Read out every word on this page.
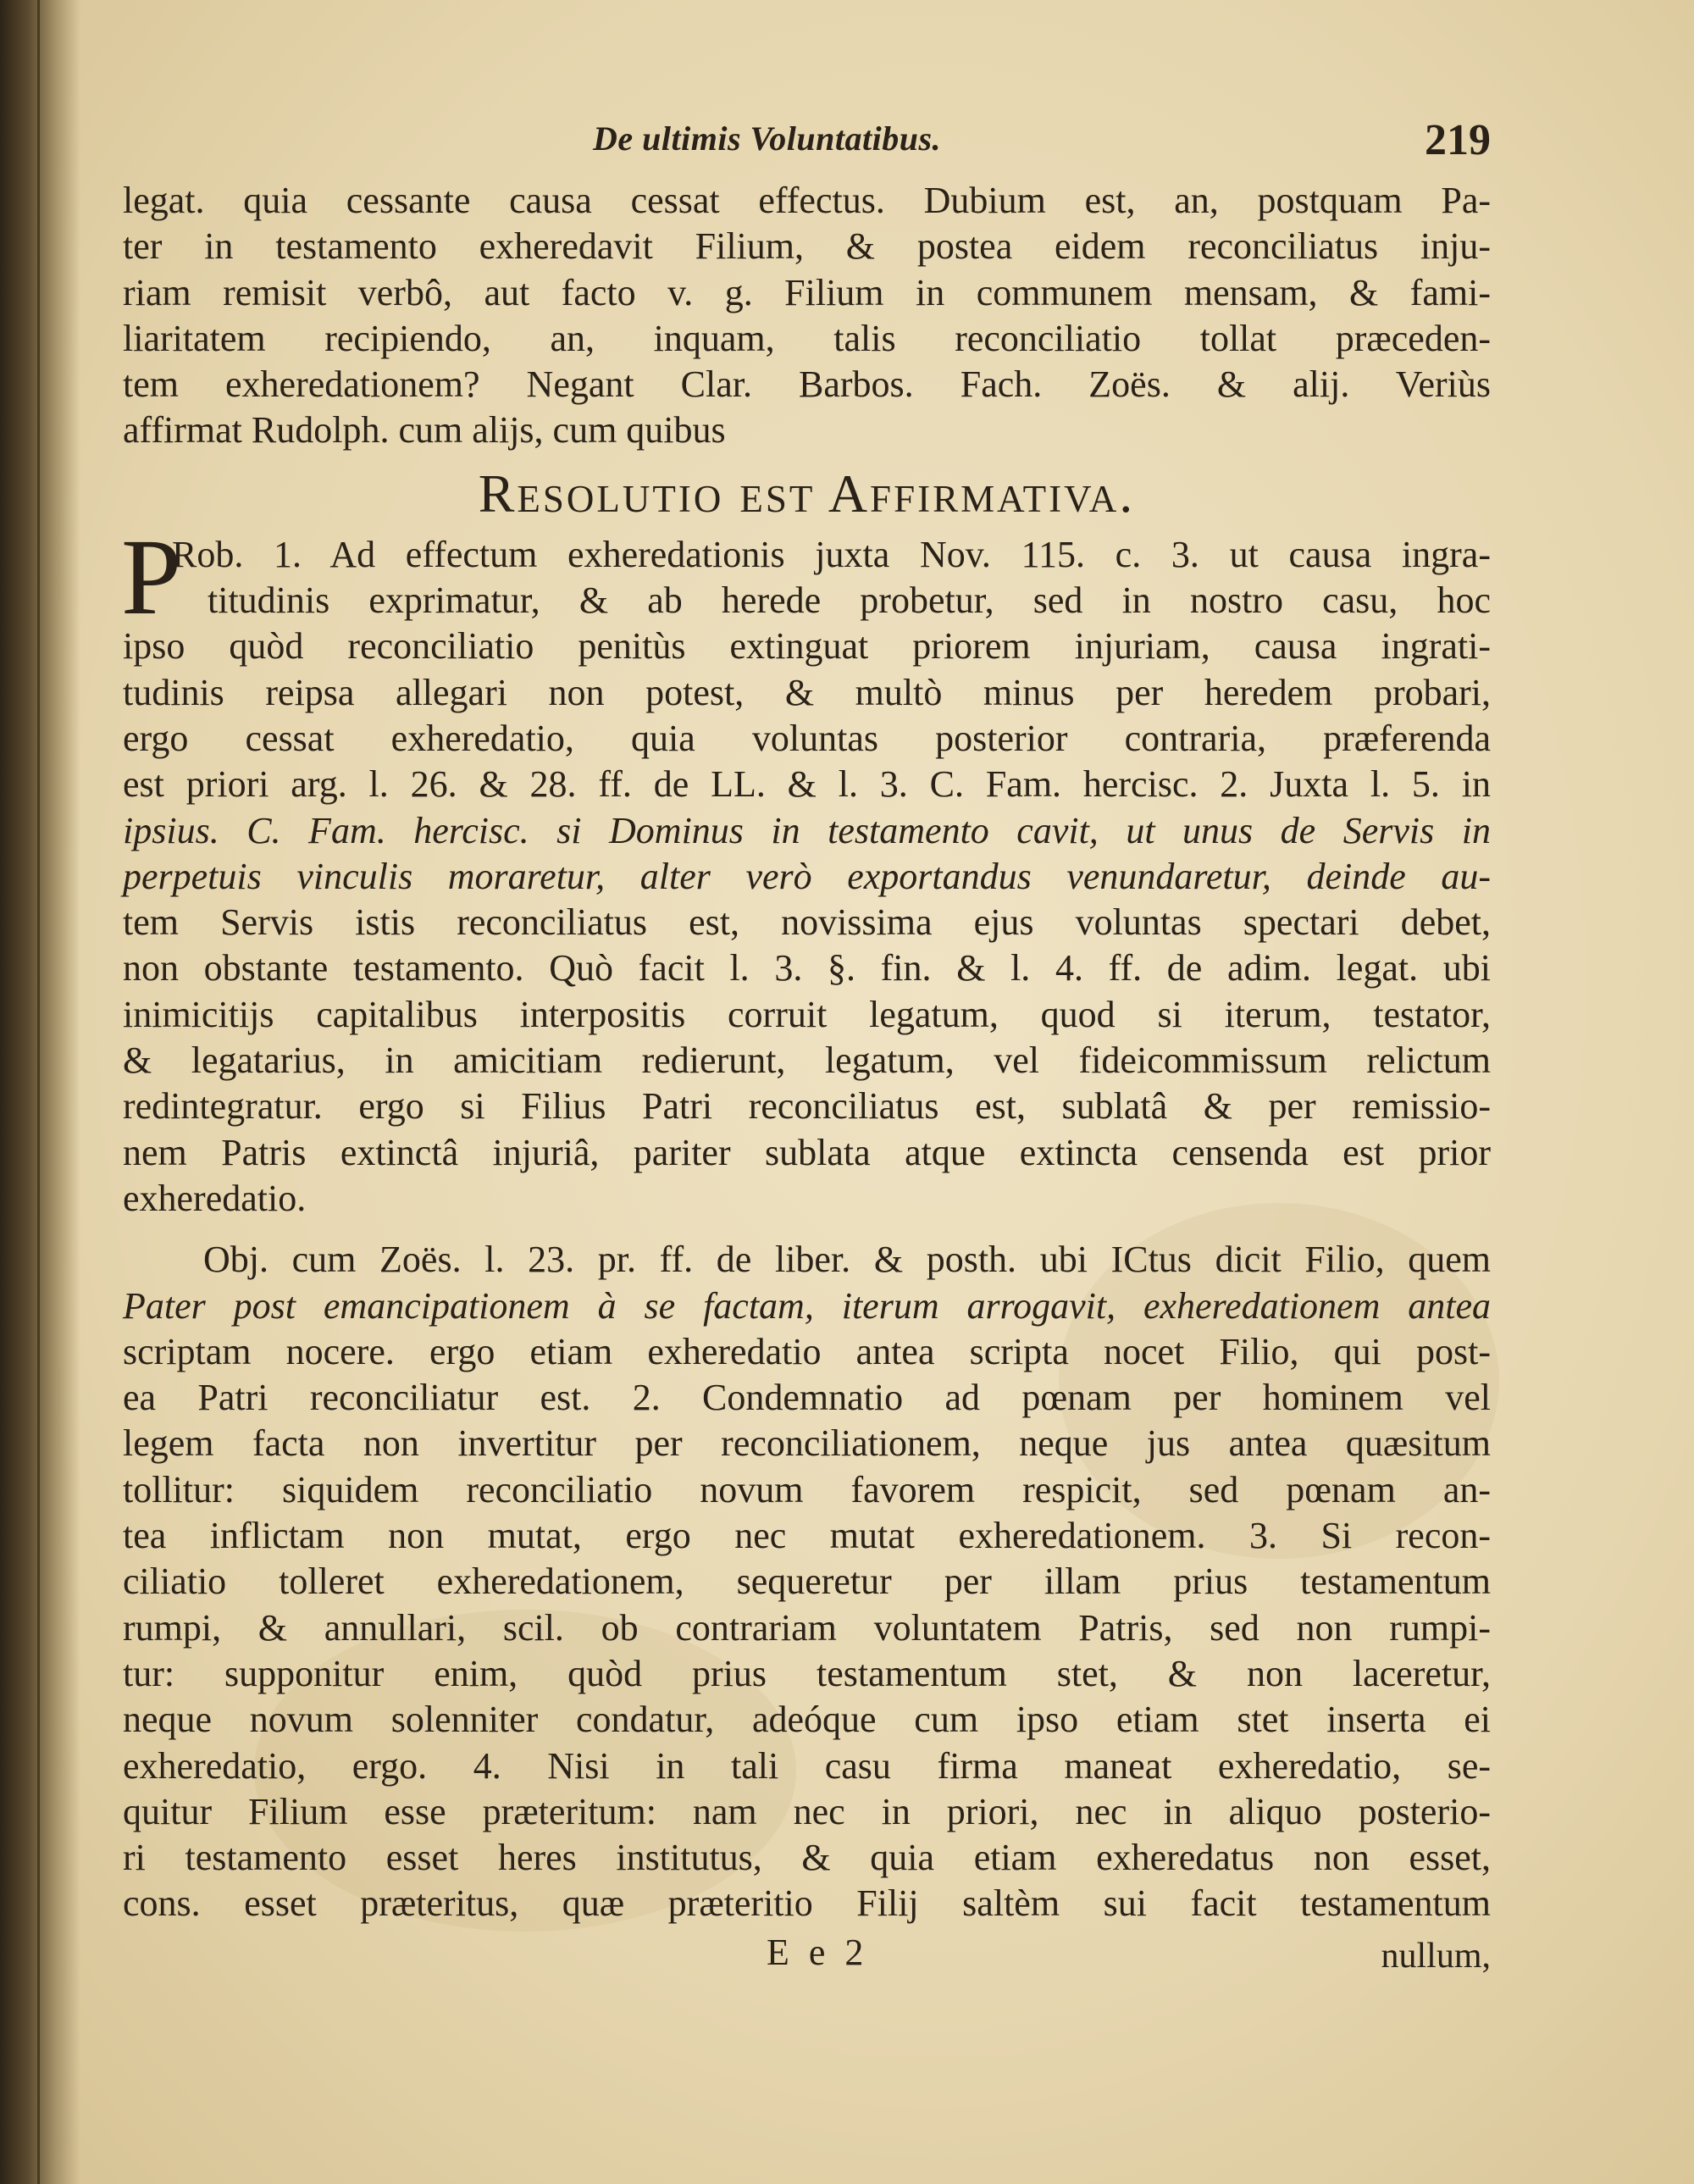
De ultimis Voluntatibus.	219
legat. quia cessante causa cessat effectus. Dubium est, an, postquam Pa-
ter in testamento exheredavit Filium, & postea eidem reconciliatus inju-
riam remisit verbô, aut facto v. g. Filium in communem mensam, & fami-
liaritatem recipiendo, an, inquam, talis reconciliatio tollat præceden-
tem exheredationem? Negant Clar. Barbos. Fach. Zoës. & alij. Veriùs
affirmat Rudolph. cum alijs, cum quibus
Resolutio est Affirmativa.
P
Rob. 1. Ad effectum exheredationis juxta Nov. 115. c. 3. ut causa ingra-
titudinis exprimatur, & ab herede probetur, sed in nostro casu, hoc
ipso quòd reconciliatio penitùs extinguat priorem injuriam, causa ingrati-
tudinis reipsa allegari non potest, & multò minus per heredem probari,
ergo cessat exheredatio, quia voluntas posterior contraria, præferenda
est priori arg. l. 26. & 28. ff. de LL. & l. 3. C. Fam. hercisc. 2. Juxta l. 5. in
ipsius. C. Fam. hercisc. si Dominus in testamento cavit, ut unus de Servis in
perpetuis vinculis moraretur, alter verò exportandus venundaretur, deinde au-
tem Servis istis reconciliatus est, novissima ejus voluntas spectari debet,
non obstante testamento. Quò facit l. 3. §. fin. & l. 4. ff. de adim. legat. ubi
inimicitijs capitalibus interpositis corruit legatum, quod si iterum, testator,
& legatarius, in amicitiam redierunt, legatum, vel fideicommissum relictum
redintegratur. ergo si Filius Patri reconciliatus est, sublatâ & per remissio-
nem Patris extinctâ injuriâ, pariter sublata atque extincta censenda est prior
exheredatio.
Obj. cum Zoës. l. 23. pr. ff. de liber. & posth. ubi ICtus dicit Filio, quem
Pater post emancipationem à se factam, iterum arrogavit, exheredationem antea
scriptam nocere. ergo etiam exheredatio antea scripta nocet Filio, qui post-
ea Patri reconciliatur est. 2. Condemnatio ad pœnam per hominem vel
legem facta non invertitur per reconciliationem, neque jus antea quæsitum
tollitur: siquidem reconciliatio novum favorem respicit, sed pœnam an-
tea inflictam non mutat, ergo nec mutat exheredationem. 3. Si recon-
ciliatio tolleret exheredationem, sequeretur per illam prius testamentum
rumpi, & annullari, scil. ob contrariam voluntatem Patris, sed non rumpi-
tur: supponitur enim, quòd prius testamentum stet, & non laceretur,
neque novum solenniter condatur, adeóque cum ipso etiam stet inserta ei
exheredatio, ergo. 4. Nisi in tali casu firma maneat exheredatio, se-
quitur Filium esse præteritum: nam nec in priori, nec in aliquo posterio-
ri testamento esset heres institutus, & quia etiam exheredatus non esset,
cons. esset præteritus, quæ præteritio Filij saltèm sui facit testamentum
E e 2	nullum,
